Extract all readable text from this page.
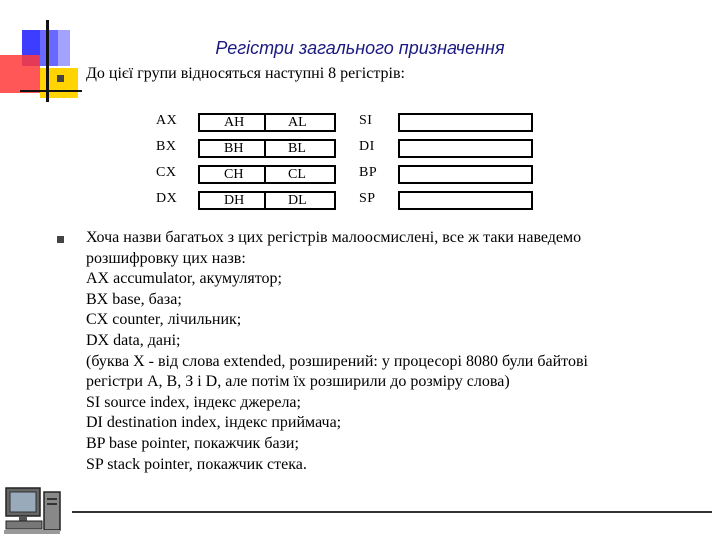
Регістри загального призначення
До цієї групи відносяться наступні 8 регістрів:
AX	AH	AL	SI
BX	BH	BL	DI
CX	CH	CL	BP
DX	DH	DL	SP
Хоча назви багатьох з цих регістрів малоосмислені, все ж таки наведемо
розшифровку цих назв:
AX accumulator, акумулятор;
BX base, база;
CX counter, лічильник;
DX data, дані;
(буква X - від слова extended, розширений: у процесорі 8080 були байтові
регістри A, B, З і D, але потім їх розширили до розміру слова)
SI source index, індекс джерела;
DI destination index, індекс приймача;
BP base pointer, покажчик бази;
SP stack pointer, покажчик стека.
